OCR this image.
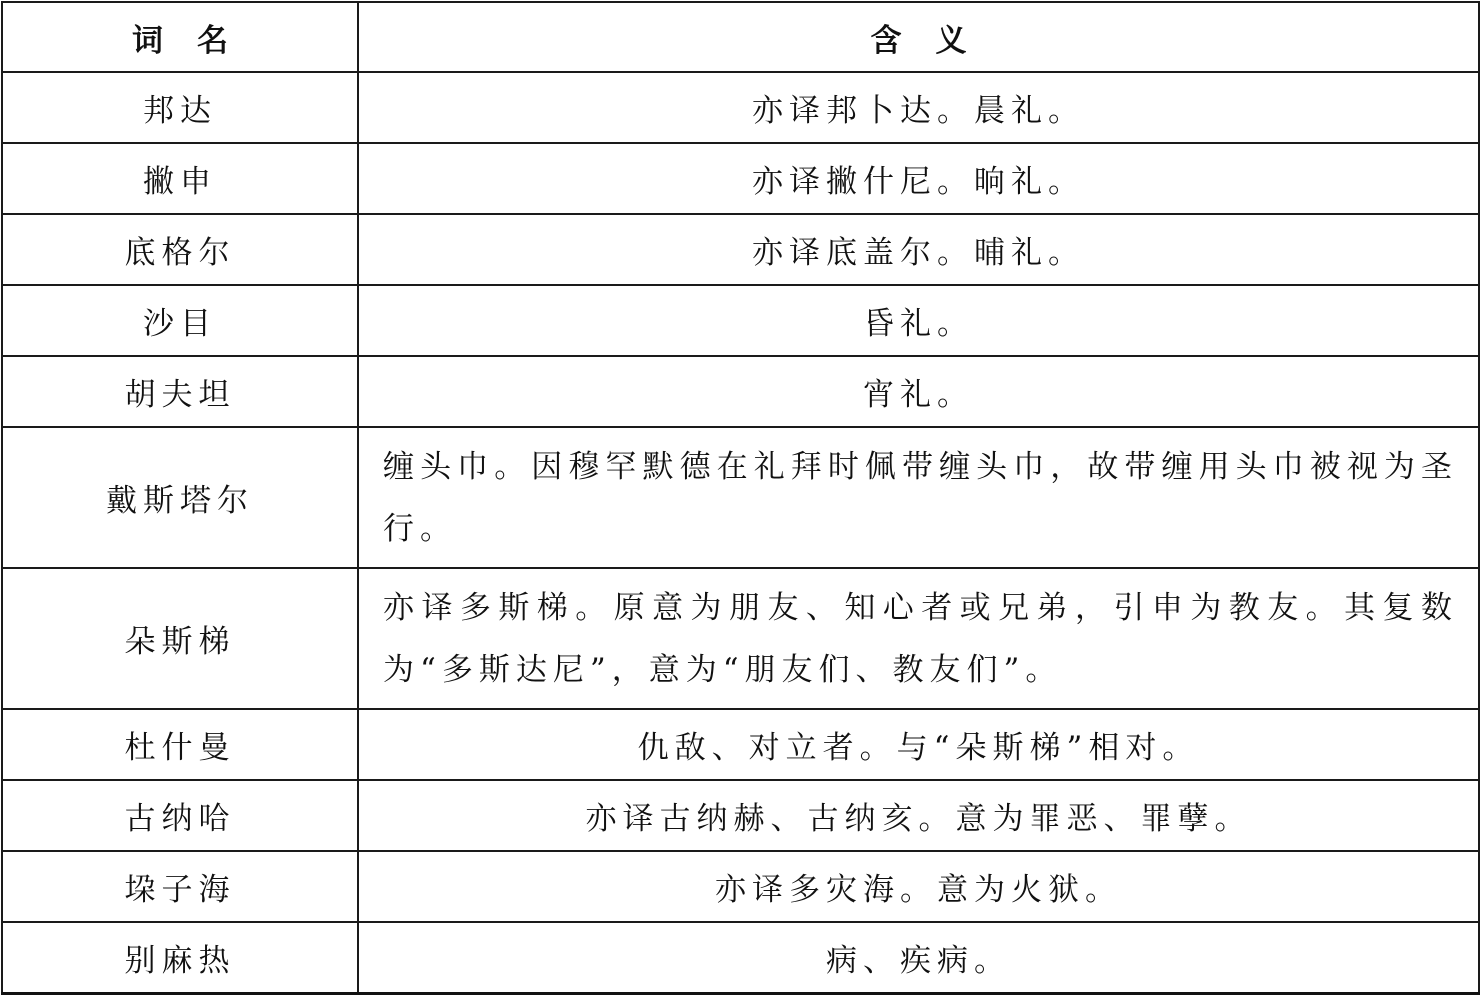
词名	含义
邦达	亦译邦卜达。晨礼。
撇申	亦译撇什尼。晌礼。
底格尔	亦译底盖尔。晡礼。
沙目	昏礼。
胡夫坦	宵礼。
戴斯塔尔	缠头巾。因穆罕默德在礼拜时佩带缠头巾，故带缠用头巾被视为圣行。
朵斯梯	亦译多斯梯。原意为朋友、知心者或兄弟，引申为教友。其复数为“多斯达尼”，意为“朋友们、教友们”。
杜什曼	仇敌、对立者。与“朵斯梯”相对。
古纳哈	亦译古纳赫、古纳亥。意为罪恶、罪孽。
垜子海	亦译多灾海。意为火狱。
别麻热	病、疾病。
